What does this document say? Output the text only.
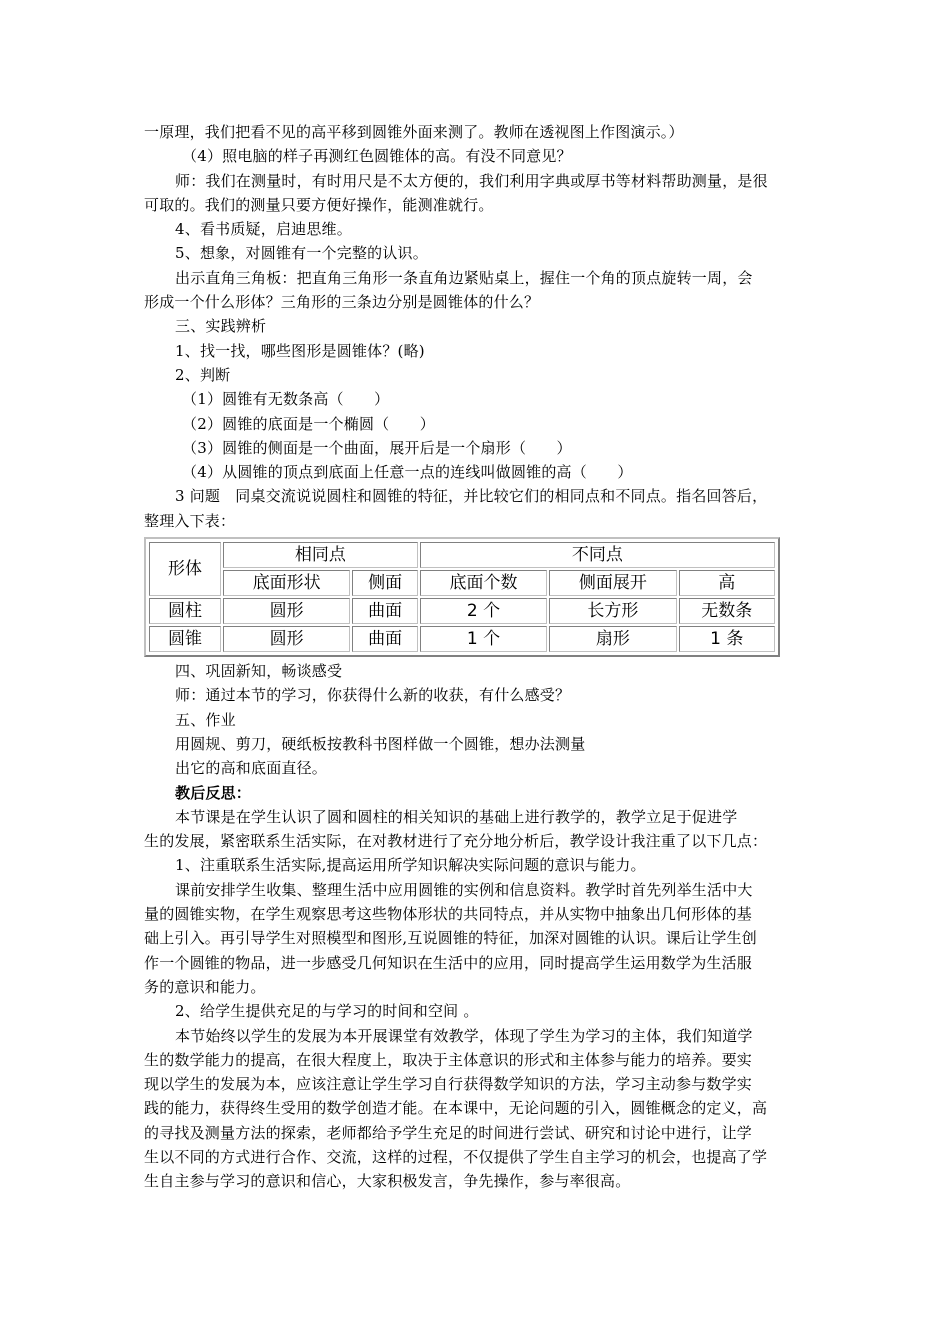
一原理，我们把看不见的高平移到圆锥外面来测了。教师在透视图上作图演示。）
（4）照电脑的样子再测红色圆锥体的高。有没不同意见？
师：我们在测量时，有时用尺是不太方便的，我们利用字典或厚书等材料帮助测量，是很
可取的。我们的测量只要方便好操作，能测准就行。
4、看书质疑，启迪思维。
5、想象，对圆锥有一个完整的认识。
出示直角三角板：把直角三角形一条直角边紧贴桌上，握住一个角的顶点旋转一周，会
形成一个什么形体？三角形的三条边分别是圆锥体的什么？
三、实践辨析
1、找一找，哪些图形是圆锥体？(略)
2、判断
（1）圆锥有无数条高（　　）
（2）圆锥的底面是一个椭圆（　　）
（3）圆锥的侧面是一个曲面，展开后是一个扇形（　　）
（4）从圆锥的顶点到底面上任意一点的连线叫做圆锥的高（　　）
3 问题　同桌交流说说圆柱和圆锥的特征，并比较它们的相同点和不同点。指名回答后，
整理入下表：
形体	相同点		不同点		
	底面形状	侧面	底面个数	侧面展开	高
圆柱	圆形	曲面	2 个	长方形	无数条
圆锥	圆形	曲面	1 个	扇形	1 条
四、巩固新知，畅谈感受
师：通过本节的学习，你获得什么新的收获，有什么感受？
五、作业
用圆规、剪刀，硬纸板按教科书图样做一个圆锥，想办法测量
出它的高和底面直径。
教后反思：
本节课是在学生认识了圆和圆柱的相关知识的基础上进行教学的，教学立足于促进学
生的发展，紧密联系生活实际，在对教材进行了充分地分析后，教学设计我注重了以下几点：
1、注重联系生活实际,提高运用所学知识解决实际问题的意识与能力。
课前安排学生收集、整理生活中应用圆锥的实例和信息资料。教学时首先列举生活中大
量的圆锥实物，在学生观察思考这些物体形状的共同特点，并从实物中抽象出几何形体的基
础上引入。再引导学生对照模型和图形,互说圆锥的特征，加深对圆锥的认识。课后让学生创
作一个圆锥的物品，进一步感受几何知识在生活中的应用，同时提高学生运用数学为生活服
务的意识和能力。
2、给学生提供充足的与学习的时间和空间 。
本节始终以学生的发展为本开展课堂有效教学，体现了学生为学习的主体，我们知道学
生的数学能力的提高，在很大程度上，取决于主体意识的形式和主体参与能力的培养。要实
现以学生的发展为本，应该注意让学生学习自行获得数学知识的方法，学习主动参与数学实
践的能力，获得终生受用的数学创造才能。在本课中，无论问题的引入，圆锥概念的定义，高
的寻找及测量方法的探索，老师都给予学生充足的时间进行尝试、研究和讨论中进行，让学
生以不同的方式进行合作、交流，这样的过程，不仅提供了学生自主学习的机会，也提高了学
生自主参与学习的意识和信心，大家积极发言，争先操作，参与率很高。
